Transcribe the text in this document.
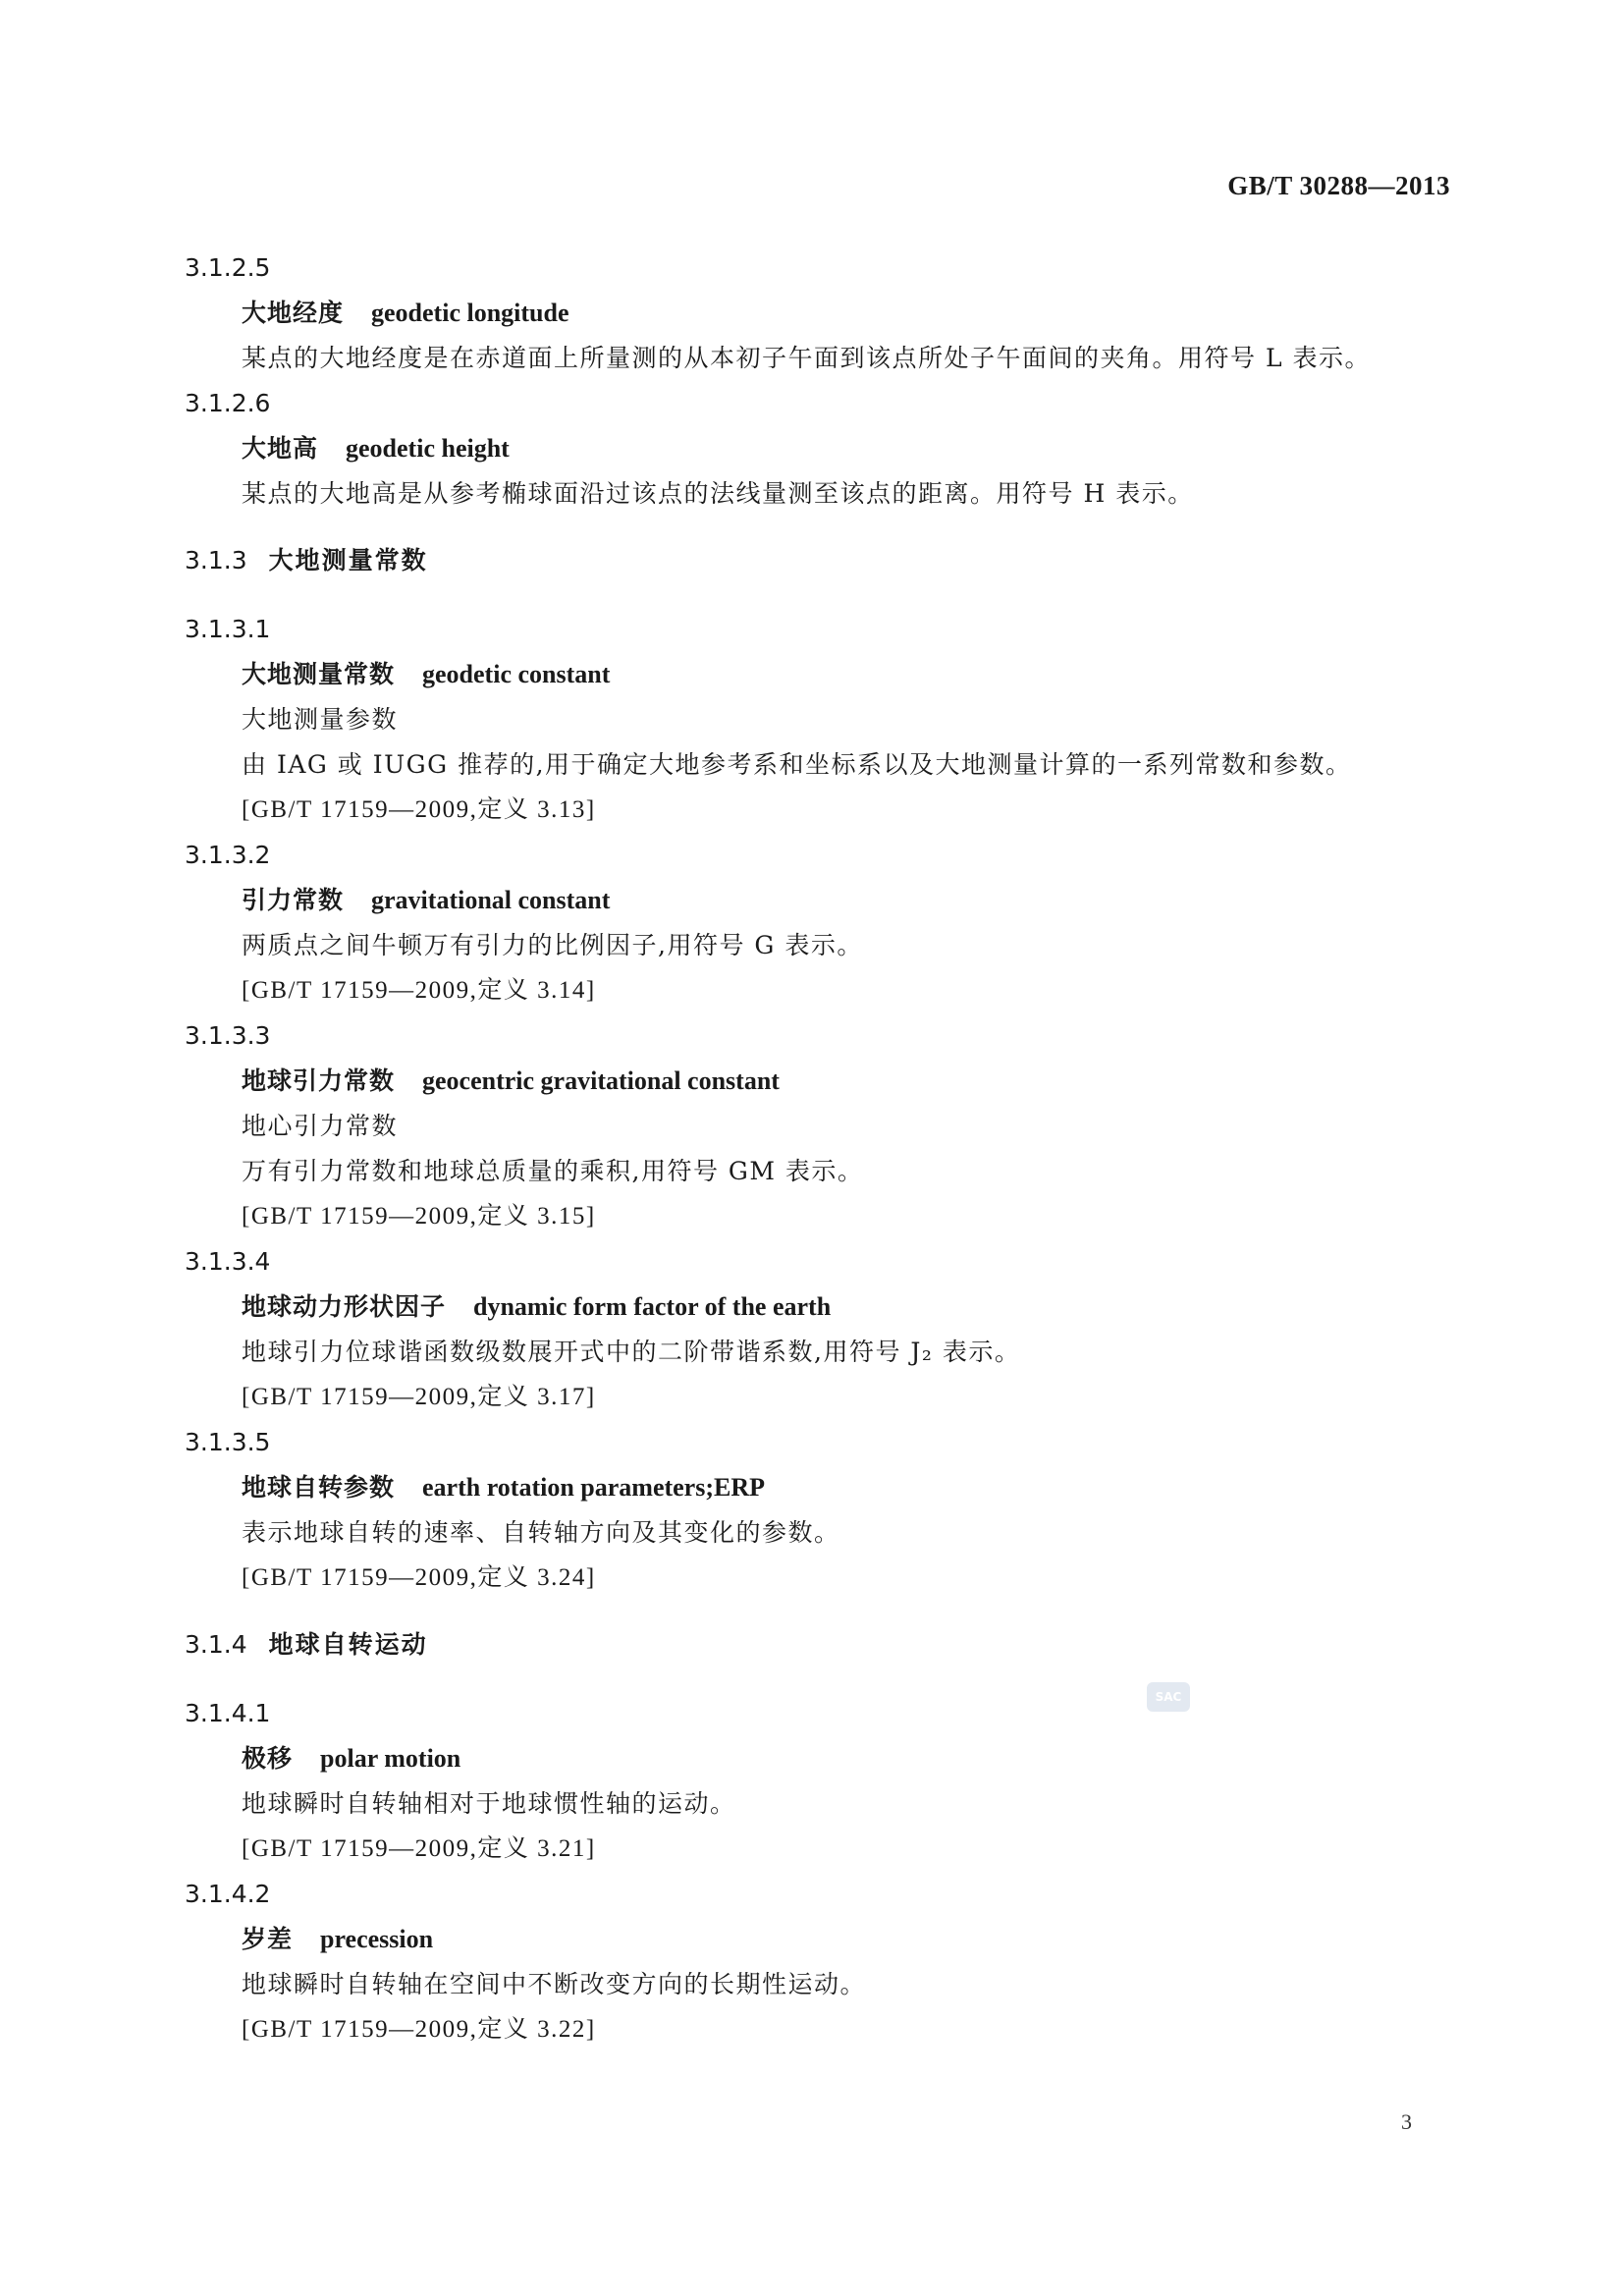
GB/T 30288—2013
3.1.2.5
大地经度 geodetic longitude
某点的大地经度是在赤道面上所量测的从本初子午面到该点所处子午面间的夹角。用符号 L 表示。
3.1.2.6
大地高 geodetic height
某点的大地高是从参考椭球面沿过该点的法线量测至该点的距离。用符号 H 表示。
3.1.3 大地测量常数
3.1.3.1
大地测量常数 geodetic constant
大地测量参数
由 IAG 或 IUGG 推荐的,用于确定大地参考系和坐标系以及大地测量计算的一系列常数和参数。
[GB/T 17159—2009,定义 3.13]
3.1.3.2
引力常数 gravitational constant
两质点之间牛顿万有引力的比例因子,用符号 G 表示。
[GB/T 17159—2009,定义 3.14]
3.1.3.3
地球引力常数 geocentric gravitational constant
地心引力常数
万有引力常数和地球总质量的乘积,用符号 GM 表示。
[GB/T 17159—2009,定义 3.15]
3.1.3.4
地球动力形状因子 dynamic form factor of the earth
地球引力位球谐函数级数展开式中的二阶带谐系数,用符号 J₂ 表示。
[GB/T 17159—2009,定义 3.17]
3.1.3.5
地球自转参数 earth rotation parameters;ERP
表示地球自转的速率、自转轴方向及其变化的参数。
[GB/T 17159—2009,定义 3.24]
3.1.4 地球自转运动
3.1.4.1
极移 polar motion
地球瞬时自转轴相对于地球惯性轴的运动。
[GB/T 17159—2009,定义 3.21]
3.1.4.2
岁差 precession
地球瞬时自转轴在空间中不断改变方向的长期性运动。
[GB/T 17159—2009,定义 3.22]
SAC
3
